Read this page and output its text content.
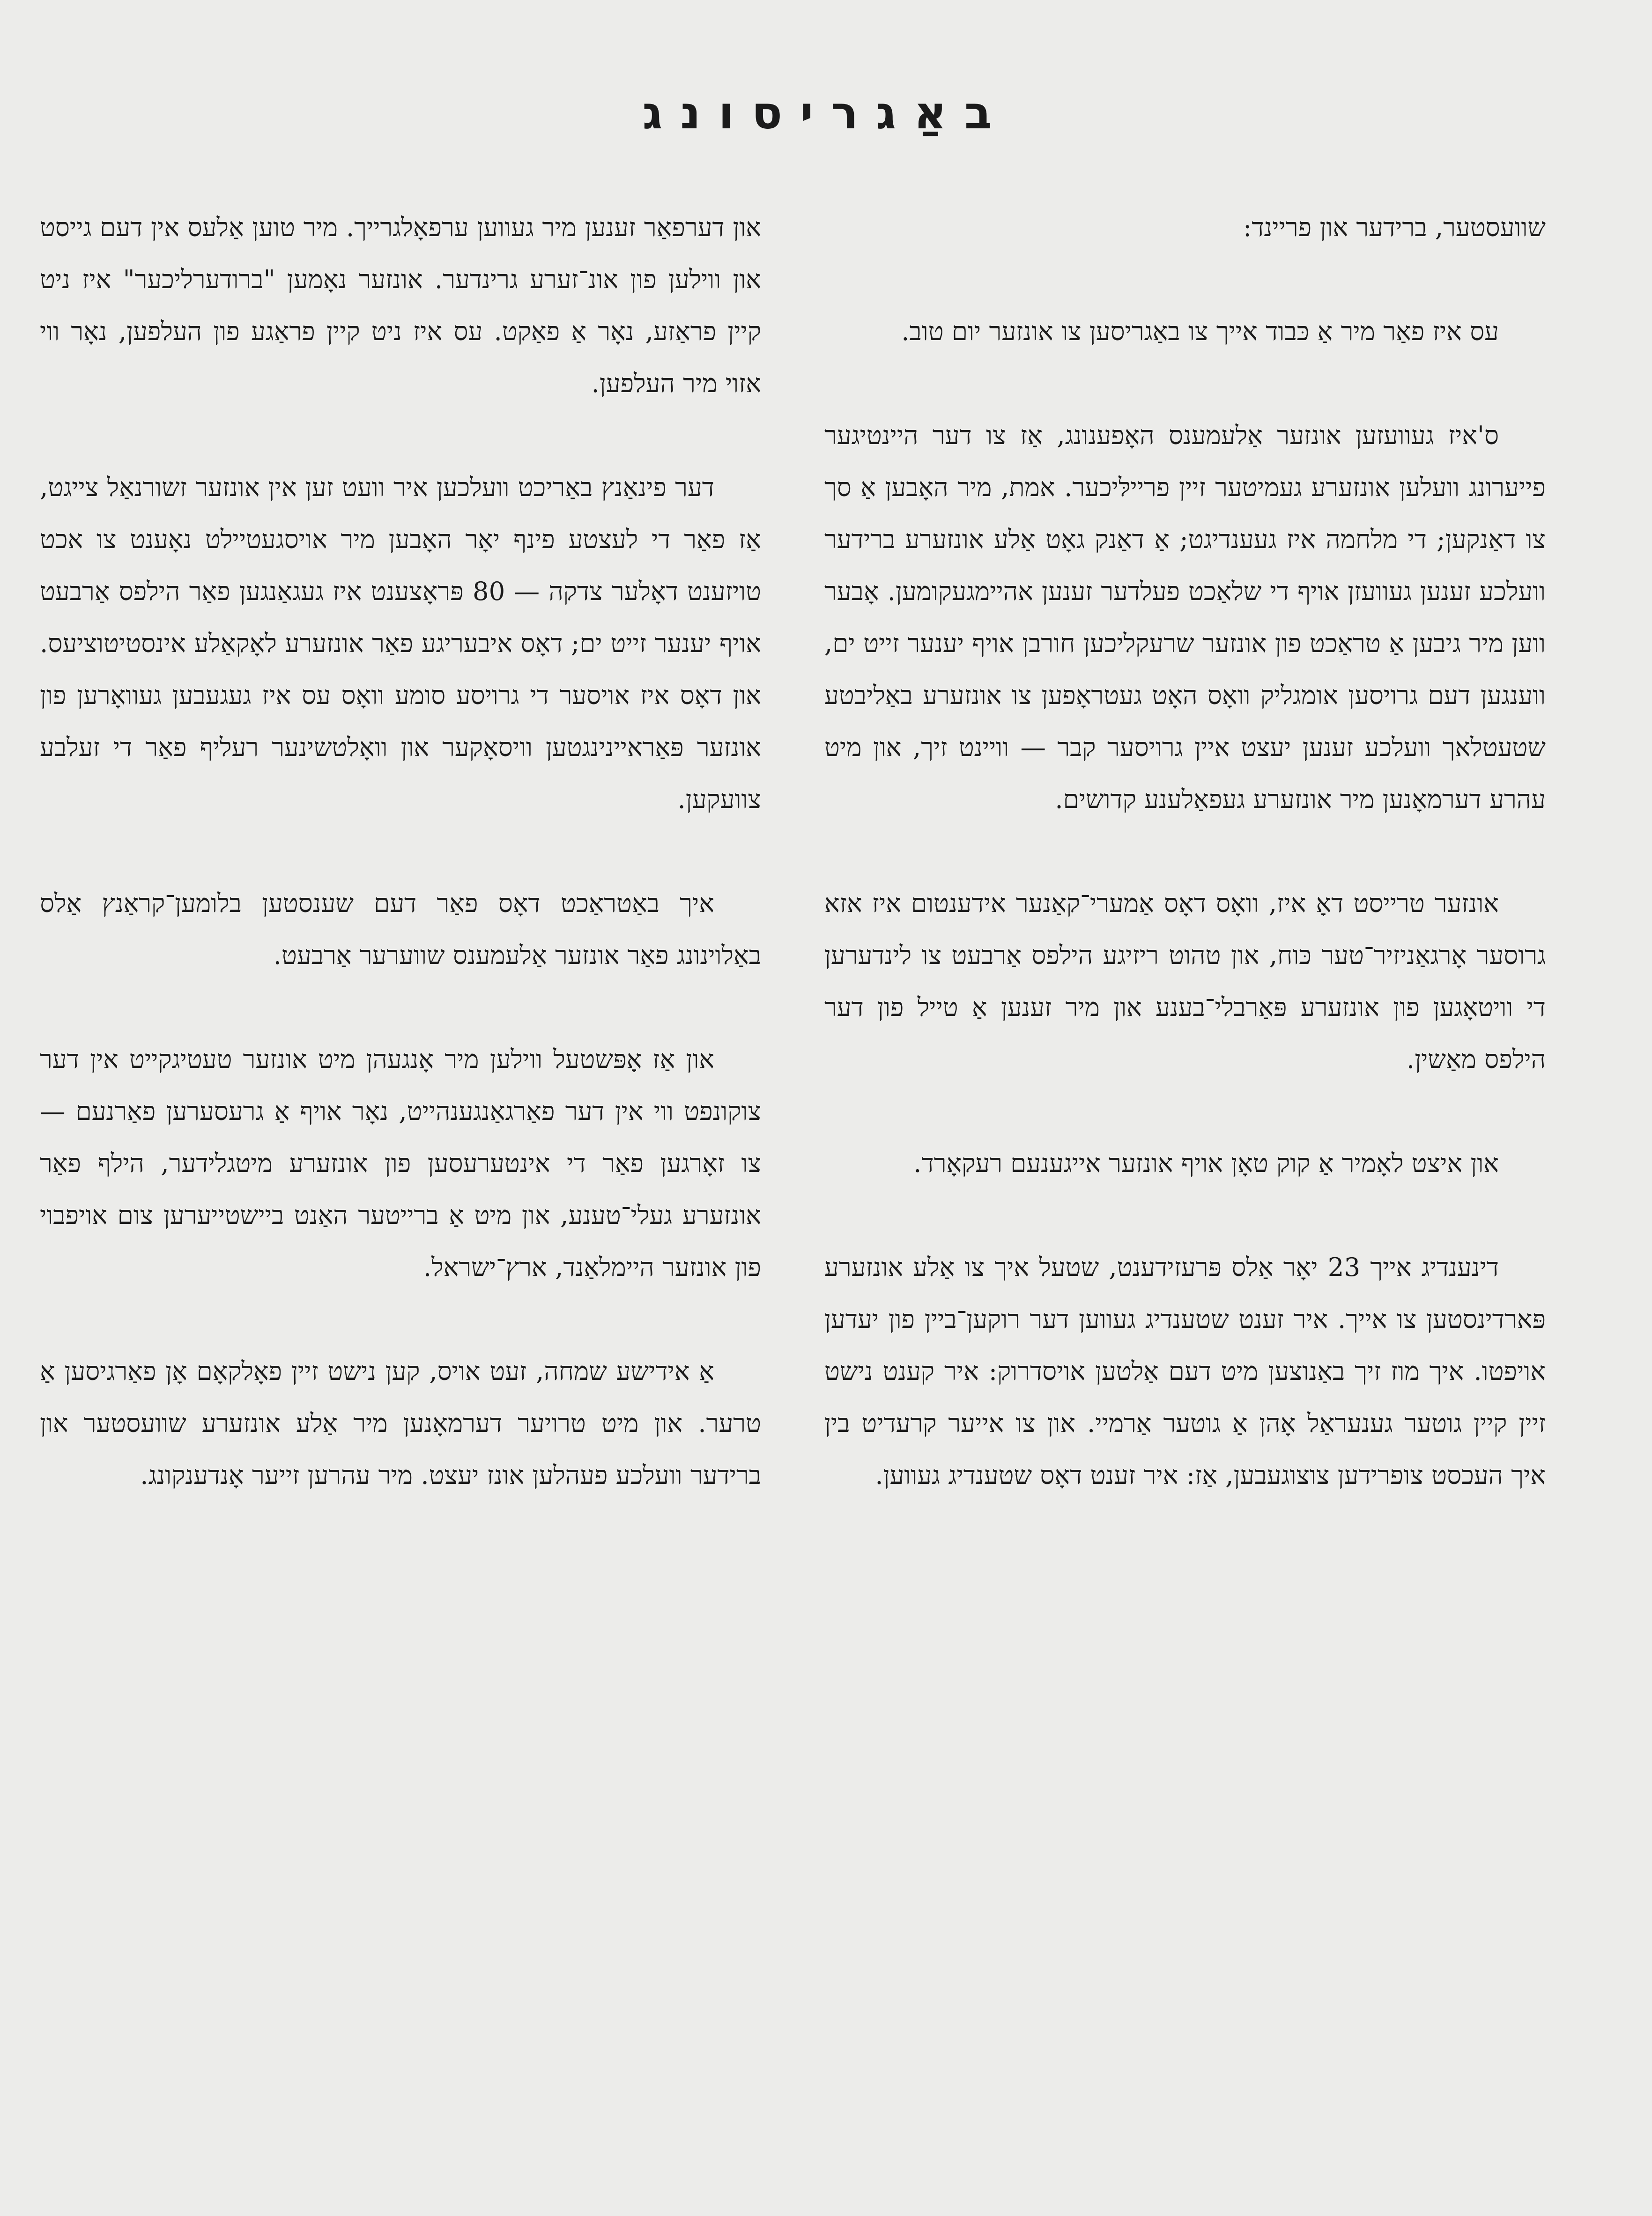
באַגריסונג

שוועסטער, ברידער און פריינד:

עס איז פאַר מיר אַ כּבוד אייך צו באַגריסען צו אונזער יום טוב.

ס'איז געוועזען אונזער אַלעמענס האָפענונג, אַז צו דער היינטיגער פייערונג וועלען אונזערע געמיטער זיין פריילּיכער. אמת, מיר האָבען אַ סך צו דאַנקען; די מלחמה איז געענדיגט; אַ דאַנק גאָט אַלע אונזערע ברידער וועלכע זענען געוועזן אויף די שלאַכט פעלדער זענען אהיימגעקומען. אָבער ווען מיר גיבען אַ טראַכט פון אונזער שרעקליכען חורבן אויף יענער זייט ים, ווענגען דעם גרויסען אומגליק וואָס האָט געטראָפען צו אונזערע באַליבטע שטעטלאך וועלכע זענען יעצט איין גרויסער קבר — וויינט זיך, און מיט עהרע דערמאָנען מיר אונזערע געפאַלענע קדושים.

אונזער טרייסט דאָ איז, וואָס דאָס אַמערי־קאַנער אידענטום איז אזא גרוסער אָרגאַניזיר־טער כּוח, און טהוט ריזיגע הילפס אַרבעט צו לינדערען די וויטאָגען פון אונזערע פּאַרבלי־בענע און מיר זענען אַ טייל פון דער הילפס מאַשין.

און איצט לאָמיר אַ קוק טאָן אויף אונזער אייגענעם רעקאָרד.

דינענדיג אייך 23 יאָר אַלס פּרעזידענט, שטעל איך צו אַלע אונזערע פּארדינסטען צו אייך. איר זענט שטענדיג געווען דער רוקען־ביין פון יעדען אויפטו. איך מוז זיך באַנוצען מיט דעם אַלטען אויסדרוק: איר קענט נישט זיין קיין גוטער גענעראַל אָהן אַ גוטער אַרמיי. און צו אייער קרעדיט בין איך העכסט צופרידען צוצוגעבען, אַז: איר זענט דאָס שטענדיג געווען.

און דערפאַר זענען מיר געווען ערפאָלגרייך. מיר טוען אַלעס אין דעם גייסט און ווילען פון אונ־זערע גרינדער. אונזער נאָמען "ברודערליכער" איז ניט קיין פראַזע, נאָר אַ פאַקט. עס איז ניט קיין פראַגע פון העלפען, נאָר ווי אזוי מיר העלפען.

דער פינאַנץ באַריכט וועלכען איר וועט זען אין אונזער זשורנאַל צייגט, אַז פאַר די לעצטע פינף יאָר האָבען מיר אויסגעטיילט נאָענט צו אכט טויזענט דאָלער צדקה — 80 פּראָצענט איז געגאַנגען פאַר הילפס אַרבעט אויף יענער זייט ים; דאָס איבעריגע פאַר אונזערע לאָקאַלע אינסטיטוציעס. און דאָס איז אויסער די גרויסע סומע וואָס עס איז געגעבען געוואָרען פון אונזער פּאַראיינינגטען וויסאָקער און וואָלטשינער רעליף פאַר די זעלבע צוועקען.

איך באַטראַכט דאָס פאַר דעם שענסטען בלומען־קראַנץ אַלס באַלוינונג פאַר אונזער אַלעמענס שווערער אַרבעט.

און אַז אָפּשטעל ווילען מיר אָנגעהן מיט אונזער טעטיגקייט אין דער צוקונפט ווי אין דער פאַרגאַנגענהייט, נאָר אויף אַ גרעסערען פאַרנעם — צו זאָרגען פאַר די אינטערעסען פון אונזערע מיטגלידער, הילף פאַר אונזערע געלי־טענע, און מיט אַ ברייטער האַנט ביישטייערען צום אויפבוי פון אונזער היימלאַנד, ארץ־ישראל.

אַ אידישע שמחה, זעט אויס, קען נישט זיין פאָלקאָם אָן פאַרגיסען אַ טרער. און מיט טרויער דערמאָנען מיר אַלע אונזערע שוועסטער און ברידער וועלכע פעהלען אונז יעצט. מיר עהרען זייער אָנדענקונג.
